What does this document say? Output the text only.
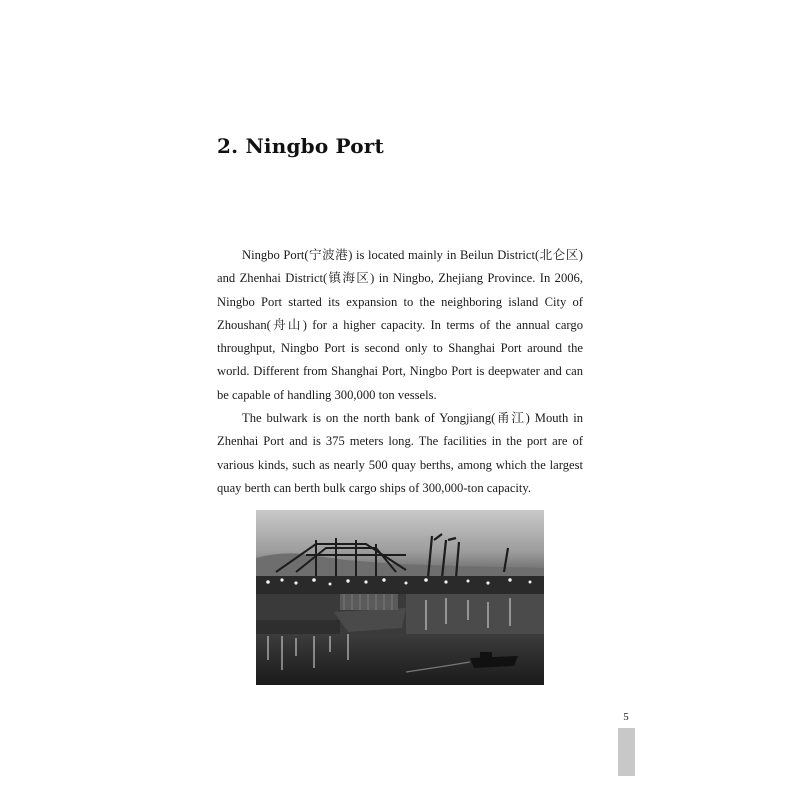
2. Ningbo Port

Ningbo Port(宁波港) is located mainly in Beilun District(北仑区) and Zhenhai District(镇海区) in Ningbo, Zhejiang Province. In 2006, Ningbo Port started its expansion to the neighboring island City of Zhoushan(舟山) for a higher capacity. In terms of the annual cargo throughput, Ningbo Port is second only to Shanghai Port around the world. Different from Shanghai Port, Ningbo Port is deepwater and can be capable of handling 300,000 ton vessels.

The bulwark is on the north bank of Yongjiang(甬江) Mouth in Zhenhai Port and is 375 meters long. The facilities in the port are of various kinds, such as nearly 500 quay berths, among which the largest quay berth can berth bulk cargo ships of 300,000-ton capacity.

5
